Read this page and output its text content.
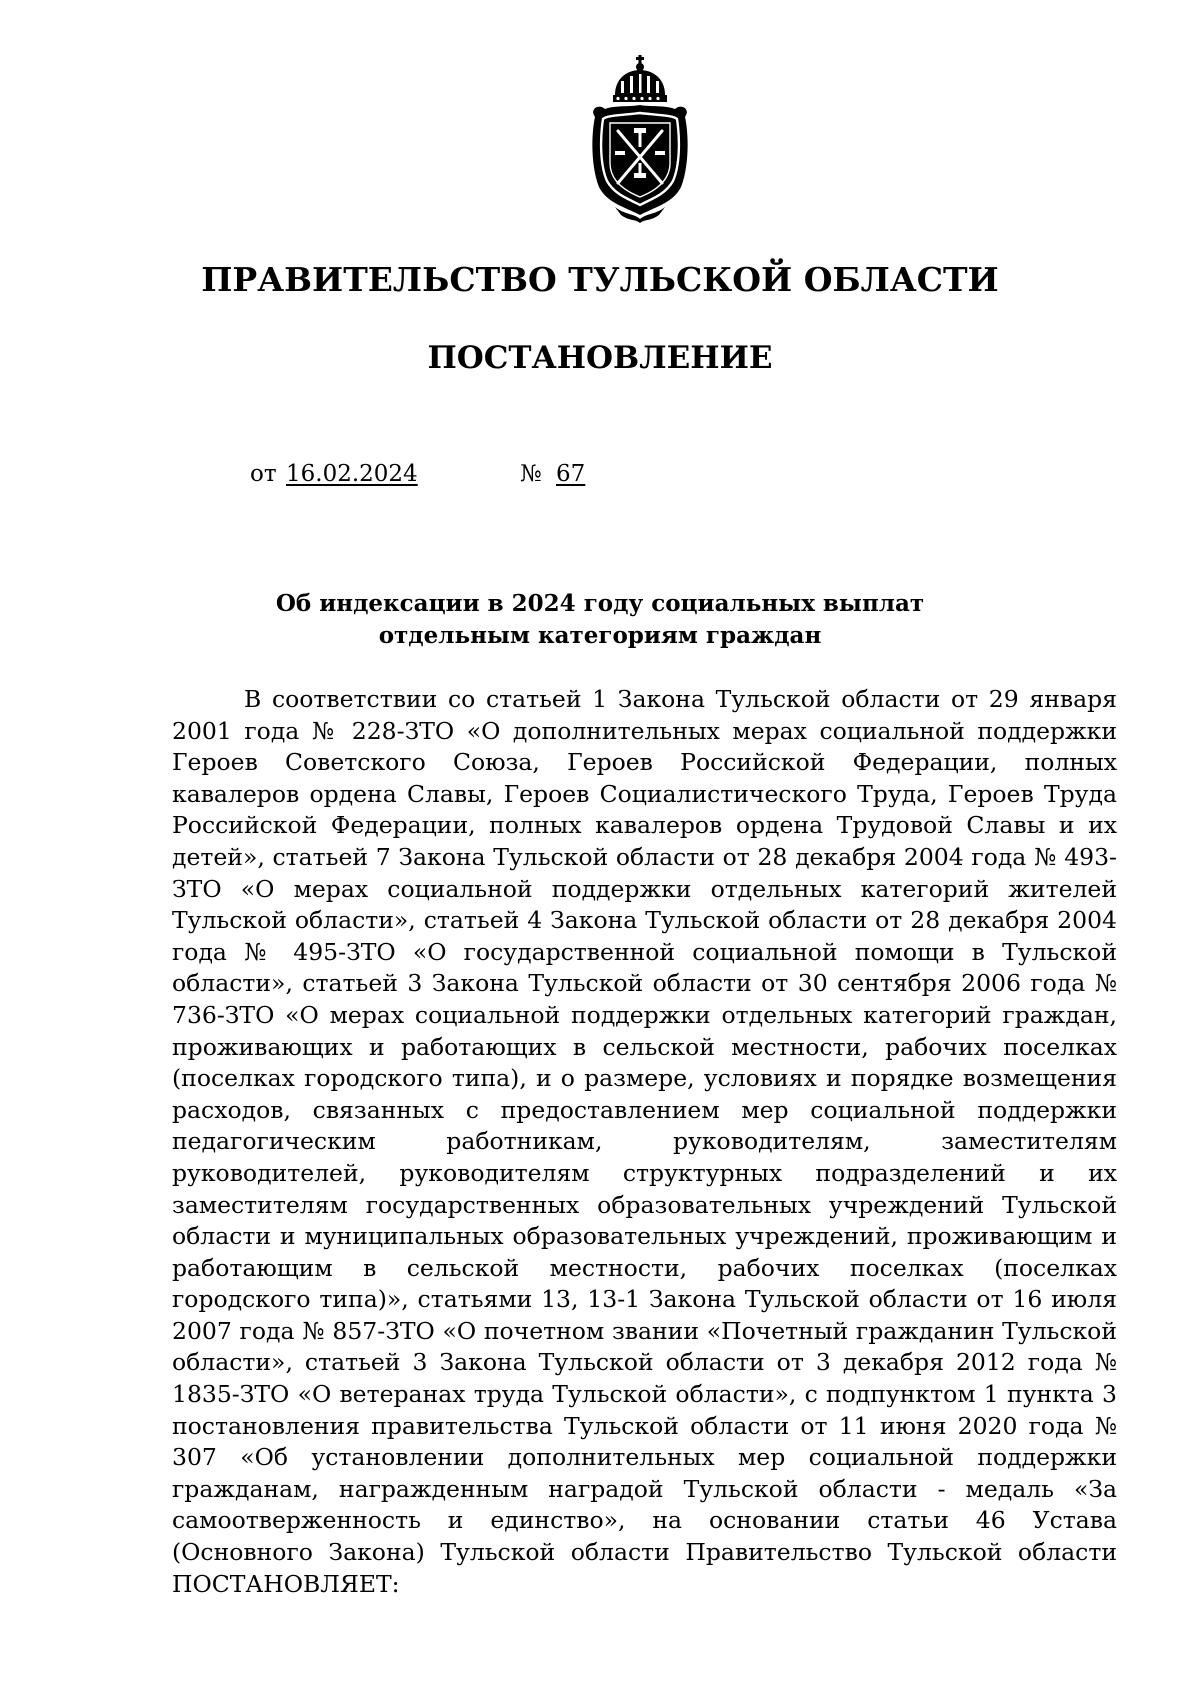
ПРАВИТЕЛЬСТВО ТУЛЬСКОЙ ОБЛАСТИ
ПОСТАНОВЛЕНИЕ
от 16.02.2024	№ 67
Об индексации в 2024 году социальных выплат
отдельным категориям граждан

В соответствии со статьей 1 Закона Тульской области от 29 января 2001 года № 228-ЗТО «О дополнительных мерах социальной поддержки Героев Советского Союза, Героев Российской Федерации, полных кавалеров ордена Славы, Героев Социалистического Труда, Героев Труда Российской Федерации, полных кавалеров ордена Трудовой Славы и их детей», статьей 7 Закона Тульской области от 28 декабря 2004 года № 493-ЗТО «О мерах социальной поддержки отдельных категорий жителей Тульской области», статьей 4 Закона Тульской области от 28 декабря 2004 года № 495-ЗТО «О государственной социальной помощи в Тульской области», статьей 3 Закона Тульской области от 30 сентября 2006 года № 736-ЗТО «О мерах социальной поддержки отдельных категорий граждан, проживающих и работающих в сельской местности, рабочих поселках (поселках городского типа), и о размере, условиях и порядке возмещения расходов, связанных с предоставлением мер социальной поддержки педагогическим работникам, руководителям, заместителям руководителей, руководителям структурных подразделений и их заместителям государственных образовательных учреждений Тульской области и муниципальных образовательных учреждений, проживающим и работающим в сельской местности, рабочих поселках (поселках городского типа)», статьями 13, 13-1 Закона Тульской области от 16 июля 2007 года № 857-ЗТО «О почетном звании «Почетный гражданин Тульской области», статьей 3 Закона Тульской области от 3 декабря 2012 года № 1835-ЗТО «О ветеранах труда Тульской области», с подпунктом 1 пункта 3 постановления правительства Тульской области от 11 июня 2020 года № 307 «Об установлении дополнительных мер социальной поддержки гражданам, награжденным наградой Тульской области - медаль «За самоотверженность и единство», на основании статьи 46 Устава (Основного Закона) Тульской области Правительство Тульской области ПОСТАНОВЛЯЕТ:
